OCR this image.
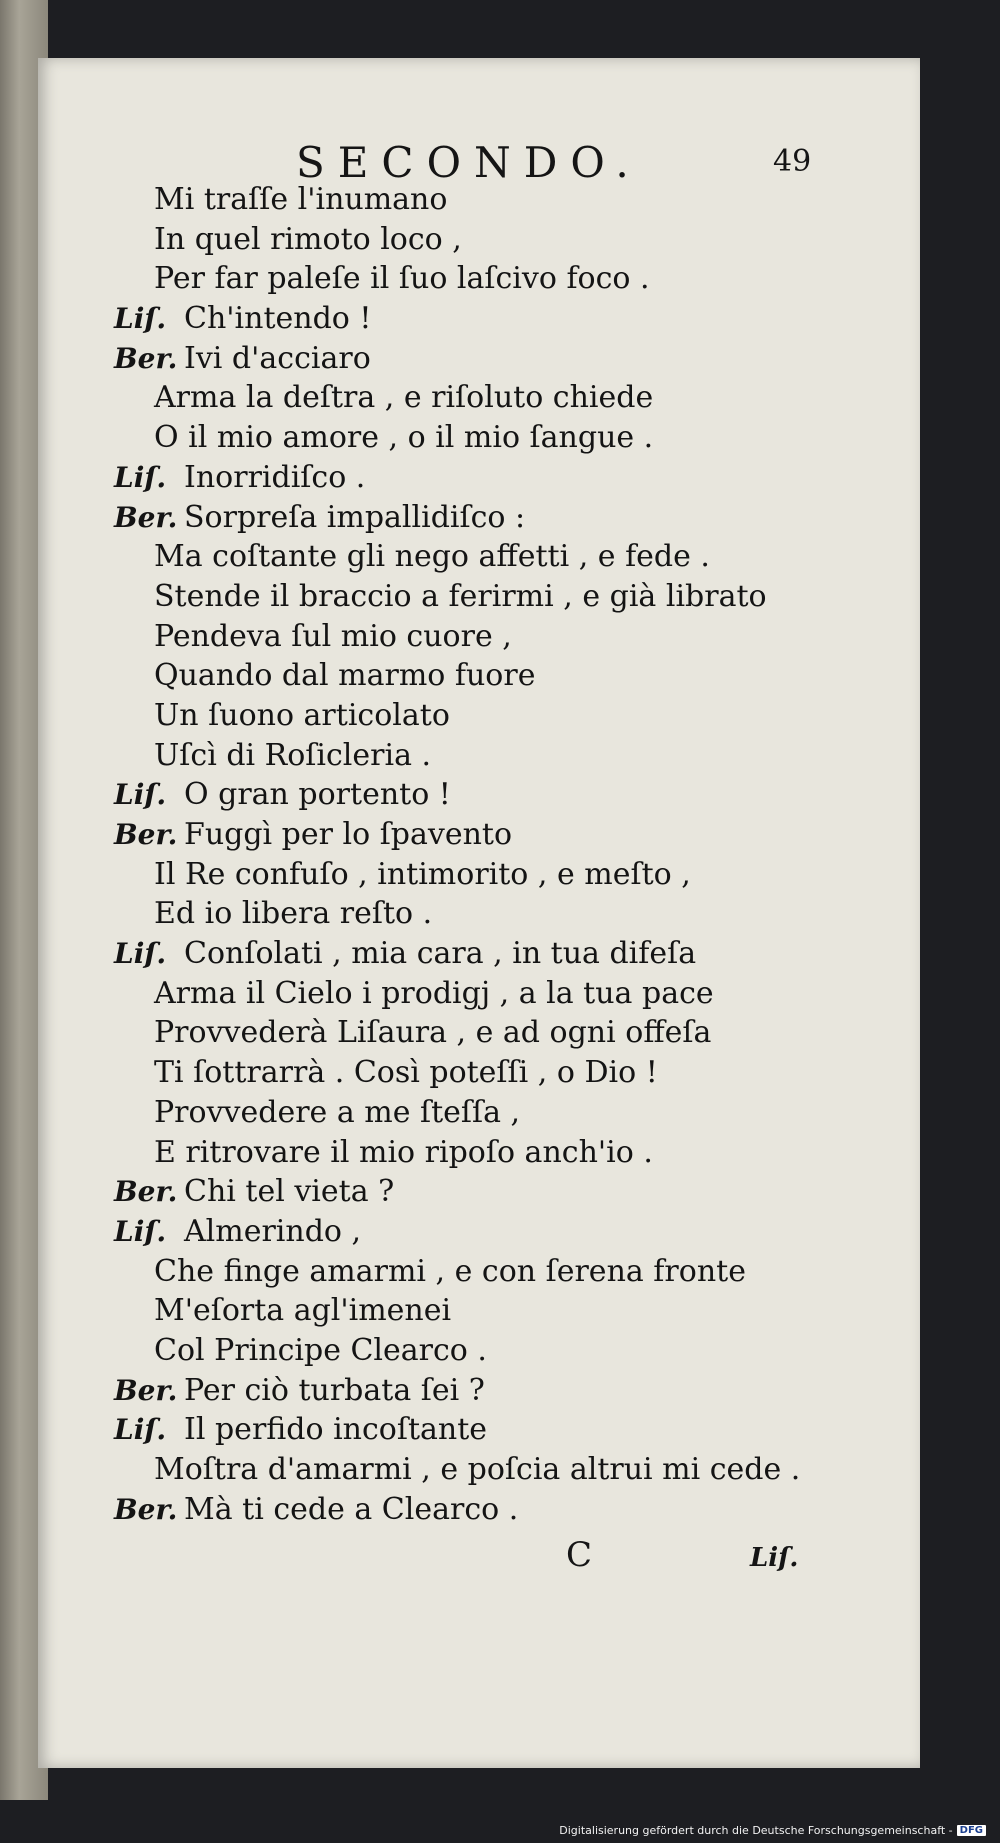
SECONDO.	49
Mi traſſe l'inumano
In quel rimoto loco ,
Per far paleſe il ſuo laſcivo foco .
Liſ. Ch'intendo !
Ber. Ivi d'acciaro
Arma la deſtra , e riſoluto chiede
O il mio amore , o il mio ſangue .
Liſ. Inorridiſco .
Ber. Sorpreſa impallidiſco :
Ma coſtante gli nego affetti , e fede .
Stende il braccio a ferirmi , e già librato
Pendeva ſul mio cuore ,
Quando dal marmo fuore
Un ſuono articolato
Uſcì di Roſicleria .
Liſ. O gran portento !
Ber. Fuggì per lo ſpavento
Il Re confuſo , intimorito , e meſto ,
Ed io libera reſto .
Liſ. Conſolati , mia cara , in tua difeſa
Arma il Cielo i prodigj , a la tua pace
Provvederà Liſaura , e ad ogni offeſa
Ti ſottrarrà . Così poteſſi , o Dio !
Provvedere a me ſteſſa ,
E ritrovare il mio ripoſo anch'io .
Ber. Chi tel vieta ?
Liſ. Almerindo ,
Che finge amarmi , e con ſerena fronte
M'eſorta agl'imenei
Col Principe Clearco .
Ber. Per ciò turbata ſei ?
Liſ. Il perfido incoſtante
Moſtra d'amarmi , e poſcia altrui mi cede .
Ber. Mà ti cede a Clearco .
C	Liſ.
Digitalisierung gefördert durch die Deutsche Forschungsgemeinschaft - DFG
